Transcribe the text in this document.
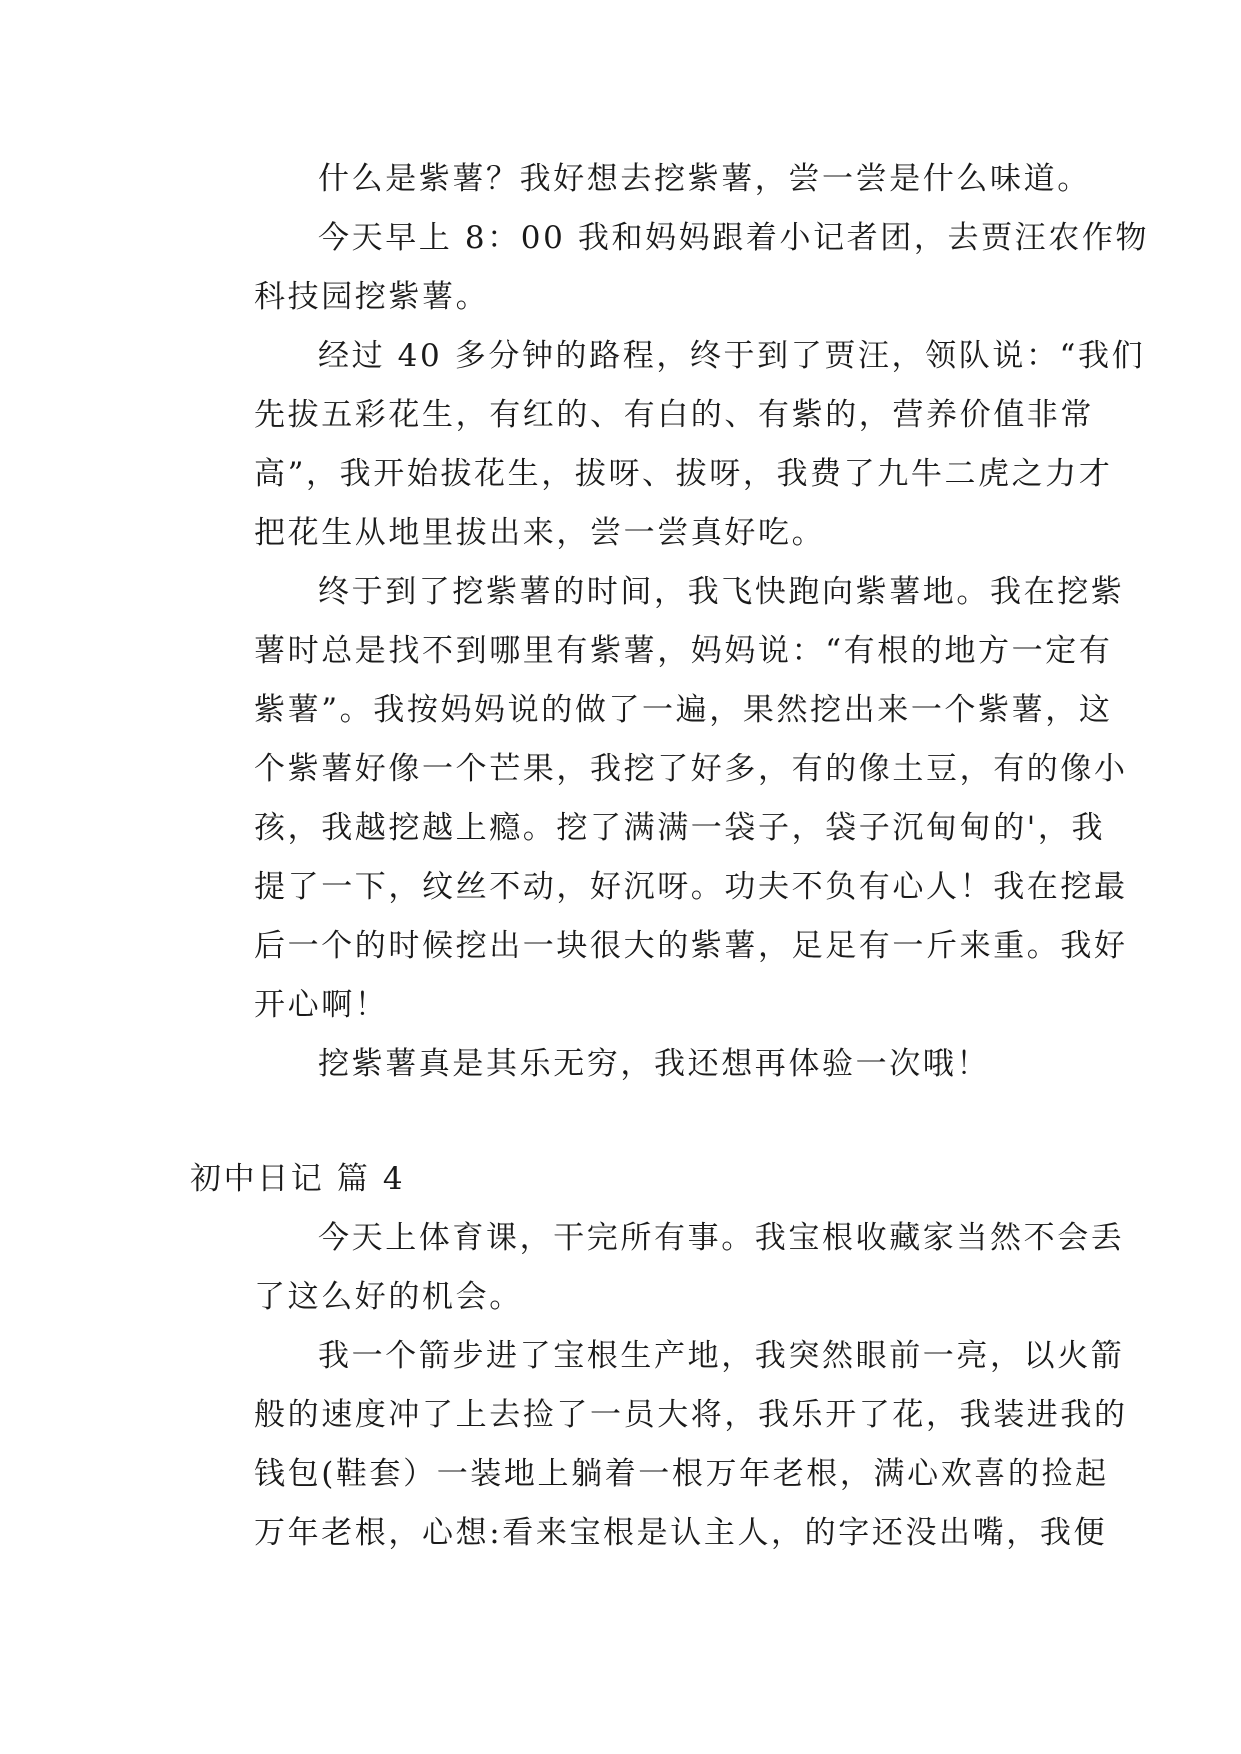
什么是紫薯？我好想去挖紫薯，尝一尝是什么味道。

今天早上 8：00 我和妈妈跟着小记者团，去贾汪农作物
科技园挖紫薯。

经过 40 多分钟的路程，终于到了贾汪，领队说：“我们
先拔五彩花生，有红的、有白的、有紫的，营养价值非常
高”，我开始拔花生，拔呀、拔呀，我费了九牛二虎之力才
把花生从地里拔出来，尝一尝真好吃。

终于到了挖紫薯的时间，我飞快跑向紫薯地。我在挖紫
薯时总是找不到哪里有紫薯，妈妈说：“有根的地方一定有
紫薯”。我按妈妈说的做了一遍，果然挖出来一个紫薯，这
个紫薯好像一个芒果，我挖了好多，有的像土豆，有的像小
孩，我越挖越上瘾。挖了满满一袋子，袋子沉甸甸的'，我
提了一下，纹丝不动，好沉呀。功夫不负有心人！我在挖最
后一个的时候挖出一块很大的紫薯，足足有一斤来重。我好
开心啊！

挖紫薯真是其乐无穷，我还想再体验一次哦！

初中日记 篇 4

今天上体育课，干完所有事。我宝根收藏家当然不会丢
了这么好的机会。

我一个箭步进了宝根生产地，我突然眼前一亮，以火箭
般的速度冲了上去捡了一员大将，我乐开了花，我装进我的
钱包(鞋套）一装地上躺着一根万年老根，满心欢喜的捡起
万年老根，心想:看来宝根是认主人，的字还没出嘴，我便
